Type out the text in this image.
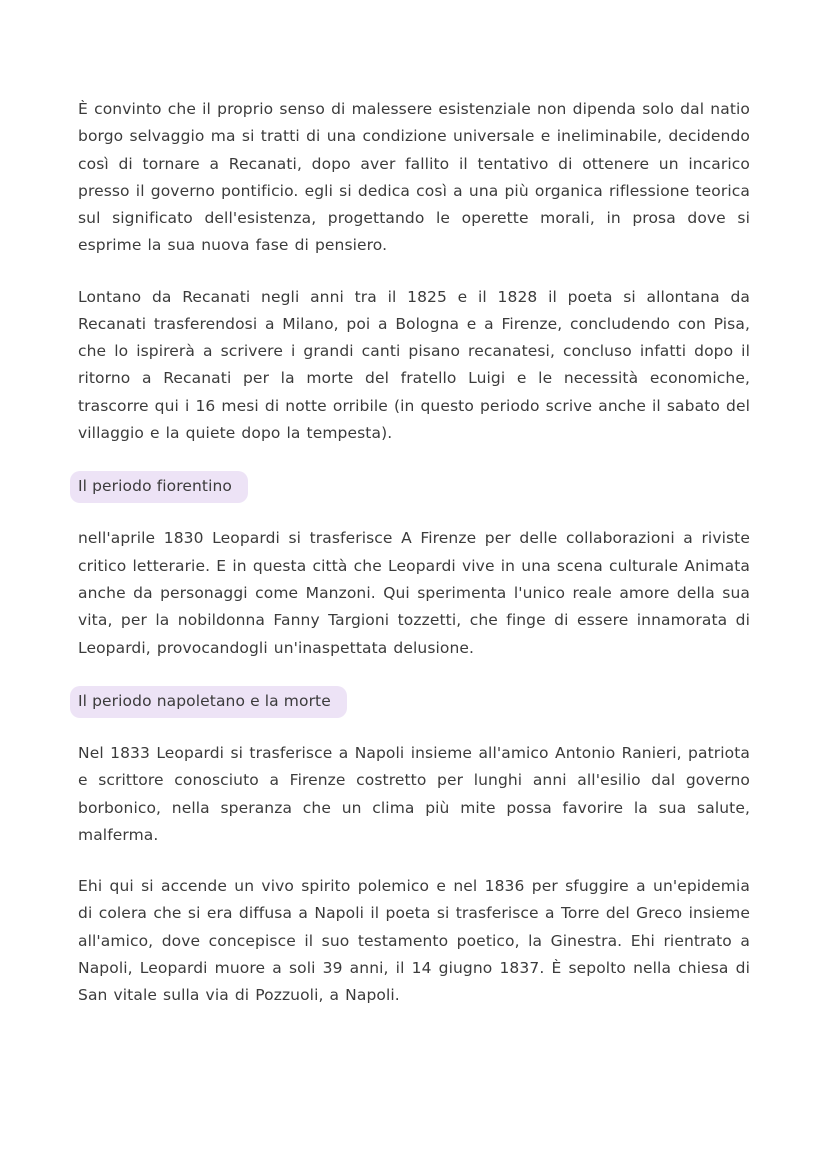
È convinto che il proprio senso di malessere esistenziale non dipenda solo dal natio borgo selvaggio ma si tratti di una condizione universale e ineliminabile, decidendo così di tornare a Recanati, dopo aver fallito il tentativo di ottenere un incarico presso il governo pontificio. egli si dedica così a una più organica riflessione teorica sul significato dell'esistenza, progettando le operette morali, in prosa dove si esprime la sua nuova fase di pensiero.

Lontano da Recanati negli anni tra il 1825 e il 1828 il poeta si allontana da Recanati trasferendosi a Milano, poi a Bologna e a Firenze, concludendo con Pisa, che lo ispirerà a scrivere i grandi canti pisano recanatesi, concluso infatti dopo il ritorno a Recanati per la morte del fratello Luigi e le necessità economiche, trascorre qui i 16 mesi di notte orribile (in questo periodo scrive anche il sabato del villaggio e la quiete dopo la tempesta).

Il periodo fiorentino

nell'aprile 1830 Leopardi si trasferisce A Firenze per delle collaborazioni a riviste critico letterarie. E in questa città che Leopardi vive in una scena culturale Animata anche da personaggi come Manzoni. Qui sperimenta l'unico reale amore della sua vita, per la nobildonna Fanny Targioni tozzetti, che finge di essere innamorata di Leopardi, provocandogli un'inaspettata delusione.

Il periodo napoletano e la morte

Nel 1833 Leopardi si trasferisce a Napoli insieme all'amico Antonio Ranieri, patriota e scrittore conosciuto a Firenze costretto per lunghi anni all'esilio dal governo borbonico, nella speranza che un clima più mite possa favorire la sua salute, malferma.

Ehi qui si accende un vivo spirito polemico e nel 1836 per sfuggire a un'epidemia di colera che si era diffusa a Napoli il poeta si trasferisce a Torre del Greco insieme all'amico, dove concepisce il suo testamento poetico, la Ginestra. Ehi rientrato a Napoli, Leopardi muore a soli 39 anni, il 14 giugno 1837. È sepolto nella chiesa di San vitale sulla via di Pozzuoli, a Napoli.
